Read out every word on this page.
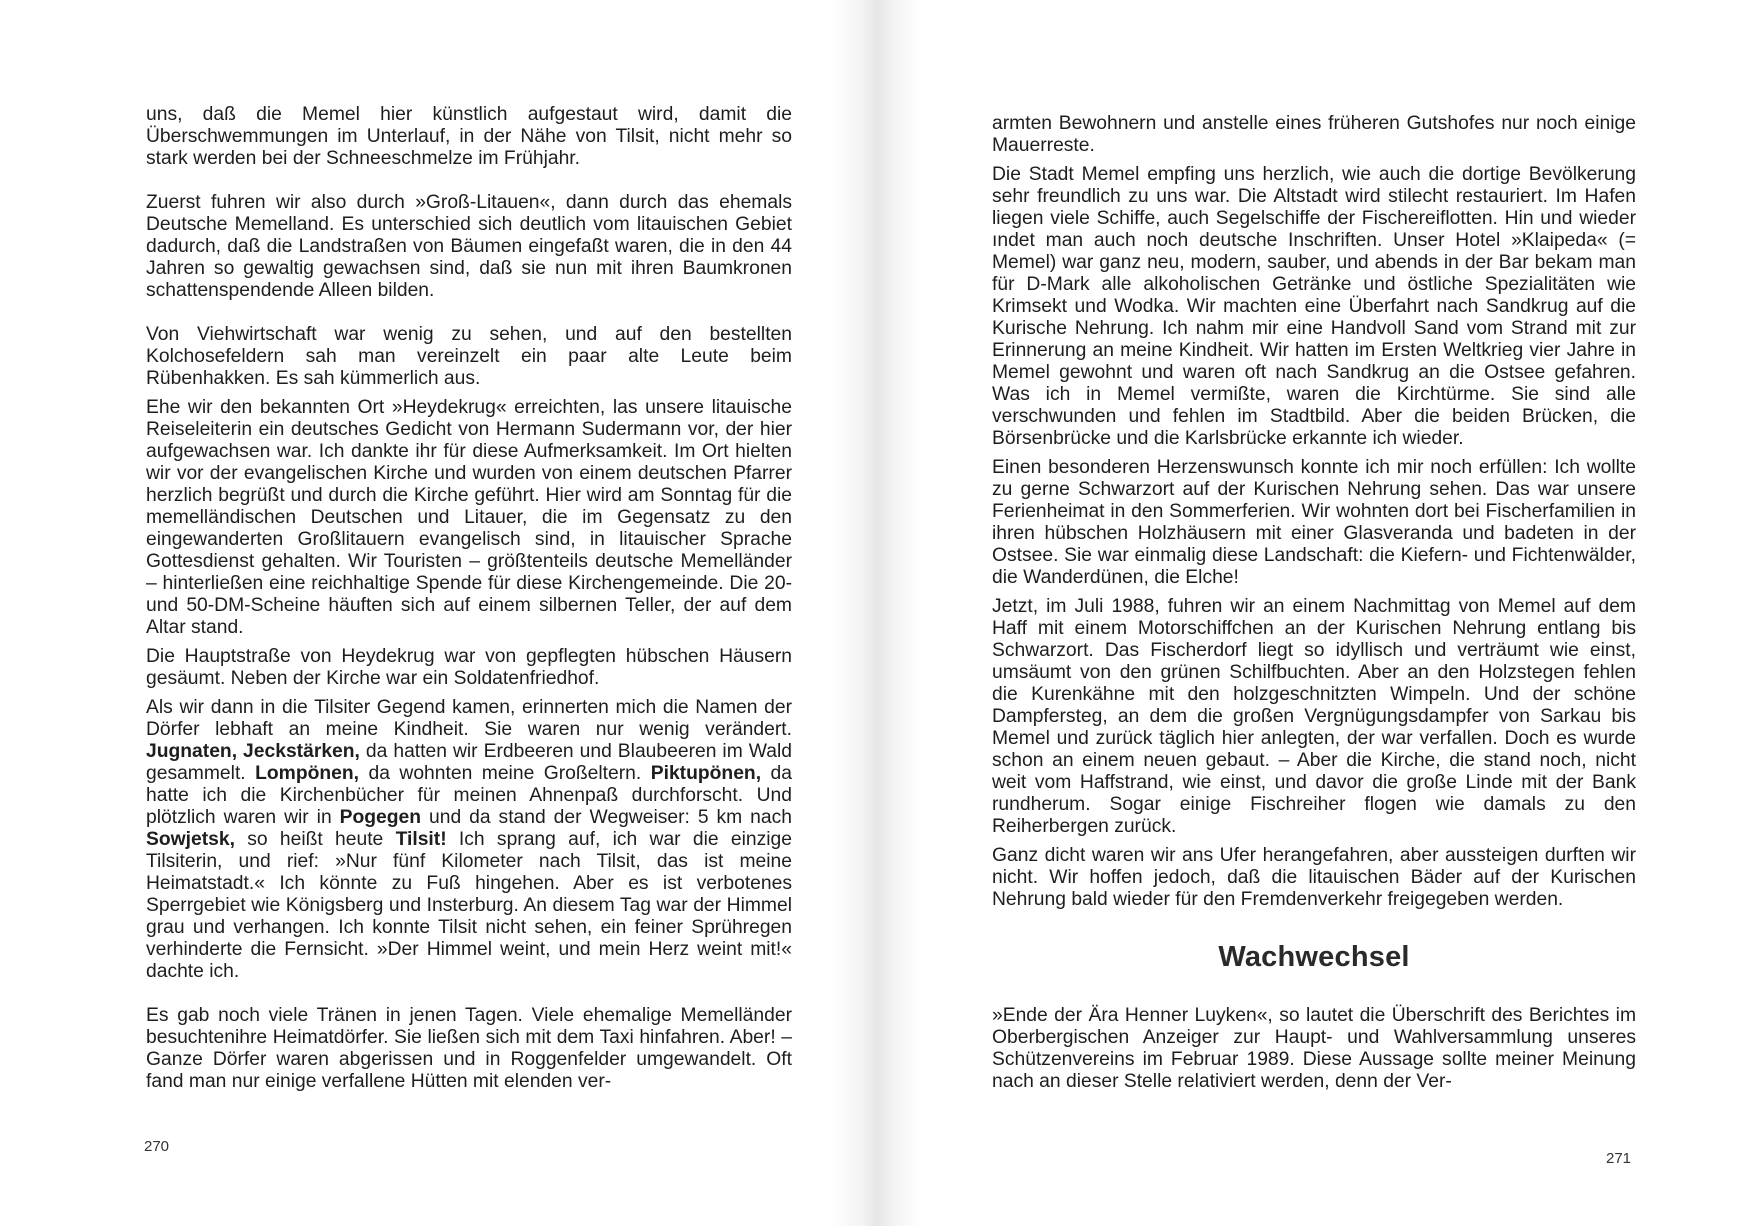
uns, daß die Memel hier künstlich aufgestaut wird, damit die Überschwemmungen im Unterlauf, in der Nähe von Tilsit, nicht mehr so stark werden bei der Schneeschmelze im Frühjahr.

Zuerst fuhren wir also durch »Groß-Litauen«, dann durch das ehemals Deutsche Memelland. Es unterschied sich deutlich vom litauischen Gebiet dadurch, daß die Landstraßen von Bäumen eingefaßt waren, die in den 44 Jahren so gewaltig gewachsen sind, daß sie nun mit ihren Baumkronen schattenspendende Alleen bilden.

Von Viehwirtschaft war wenig zu sehen, und auf den bestellten Kolchosefeldern sah man vereinzelt ein paar alte Leute beim Rübenhakken. Es sah kümmerlich aus.

Ehe wir den bekannten Ort »Heydekrug« erreichten, las unsere litauische Reiseleiterin ein deutsches Gedicht von Hermann Sudermann vor, der hier aufgewachsen war. Ich dankte ihr für diese Aufmerksamkeit. Im Ort hielten wir vor der evangelischen Kirche und wurden von einem deutschen Pfarrer herzlich begrüßt und durch die Kirche geführt. Hier wird am Sonntag für die memelländischen Deutschen und Litauer, die im Gegensatz zu den eingewanderten Großlitauern evangelisch sind, in litauischer Sprache Gottesdienst gehalten. Wir Touristen – größtenteils deutsche Memelländer – hinterließen eine reichhaltige Spende für diese Kirchengemeinde. Die 20- und 50-DM-Scheine häuften sich auf einem silbernen Teller, der auf dem Altar stand.

Die Hauptstraße von Heydekrug war von gepflegten hübschen Häusern gesäumt. Neben der Kirche war ein Soldatenfriedhof.

Als wir dann in die Tilsiter Gegend kamen, erinnerten mich die Namen der Dörfer lebhaft an meine Kindheit. Sie waren nur wenig verändert. Jugnaten, Jeckstärken, da hatten wir Erdbeeren und Blaubeeren im Wald gesammelt. Lompönen, da wohnten meine Großeltern. Piktupönen, da hatte ich die Kirchenbücher für meinen Ahnenpaß durchforscht. Und plötzlich waren wir in Pogegen und da stand der Wegweiser: 5 km nach Sowjetsk, so heißt heute Tilsit! Ich sprang auf, ich war die einzige Tilsiterin, und rief: »Nur fünf Kilometer nach Tilsit, das ist meine Heimatstadt.« Ich könnte zu Fuß hingehen. Aber es ist verbotenes Sperrgebiet wie Königsberg und Insterburg. An diesem Tag war der Himmel grau und verhangen. Ich konnte Tilsit nicht sehen, ein feiner Sprühregen verhinderte die Fernsicht. »Der Himmel weint, und mein Herz weint mit!« dachte ich.

Es gab noch viele Tränen in jenen Tagen. Viele ehemalige Memelländer besuchtenihre Heimatdörfer. Sie ließen sich mit dem Taxi hinfahren. Aber! – Ganze Dörfer waren abgerissen und in Roggenfelder umgewandelt. Oft fand man nur einige verfallene Hütten mit elenden ver-

270

armten Bewohnern und anstelle eines früheren Gutshofes nur noch einige Mauerreste.

Die Stadt Memel empfing uns herzlich, wie auch die dortige Bevölkerung sehr freundlich zu uns war. Die Altstadt wird stilecht restauriert. Im Hafen liegen viele Schiffe, auch Segelschiffe der Fischereiflotten. Hin und wieder ındet man auch noch deutsche Inschriften. Unser Hotel »Klaipeda« (= Memel) war ganz neu, modern, sauber, und abends in der Bar bekam man für D-Mark alle alkoholischen Getränke und östliche Spezialitäten wie Krimsekt und Wodka. Wir machten eine Überfahrt nach Sandkrug auf die Kurische Nehrung. Ich nahm mir eine Handvoll Sand vom Strand mit zur Erinnerung an meine Kindheit. Wir hatten im Ersten Weltkrieg vier Jahre in Memel gewohnt und waren oft nach Sandkrug an die Ostsee gefahren. Was ich in Memel vermißte, waren die Kirchtürme. Sie sind alle verschwunden und fehlen im Stadtbild. Aber die beiden Brücken, die Börsenbrücke und die Karlsbrücke erkannte ich wieder.

Einen besonderen Herzenswunsch konnte ich mir noch erfüllen: Ich wollte zu gerne Schwarzort auf der Kurischen Nehrung sehen. Das war unsere Ferienheimat in den Sommerferien. Wir wohnten dort bei Fischerfamilien in ihren hübschen Holzhäusern mit einer Glasveranda und badeten in der Ostsee. Sie war einmalig diese Landschaft: die Kiefern- und Fichtenwälder, die Wanderdünen, die Elche!

Jetzt, im Juli 1988, fuhren wir an einem Nachmittag von Memel auf dem Haff mit einem Motorschiffchen an der Kurischen Nehrung entlang bis Schwarzort. Das Fischerdorf liegt so idyllisch und verträumt wie einst, umsäumt von den grünen Schilfbuchten. Aber an den Holzstegen fehlen die Kurenkähne mit den holzgeschnitzten Wimpeln. Und der schöne Dampfersteg, an dem die großen Vergnügungsdampfer von Sarkau bis Memel und zurück täglich hier anlegten, der war verfallen. Doch es wurde schon an einem neuen gebaut. – Aber die Kirche, die stand noch, nicht weit vom Haffstrand, wie einst, und davor die große Linde mit der Bank rundherum. Sogar einige Fischreiher flogen wie damals zu den Reiherbergen zurück.

Ganz dicht waren wir ans Ufer herangefahren, aber aussteigen durften wir nicht. Wir hoffen jedoch, daß die litauischen Bäder auf der Kurischen Nehrung bald wieder für den Fremdenverkehr freigegeben werden.

Wachwechsel

»Ende der Ära Henner Luyken«, so lautet die Überschrift des Berichtes im Oberbergischen Anzeiger zur Haupt- und Wahlversammlung unseres Schützenvereins im Februar 1989. Diese Aussage sollte meiner Meinung nach an dieser Stelle relativiert werden, denn der Ver-

271
